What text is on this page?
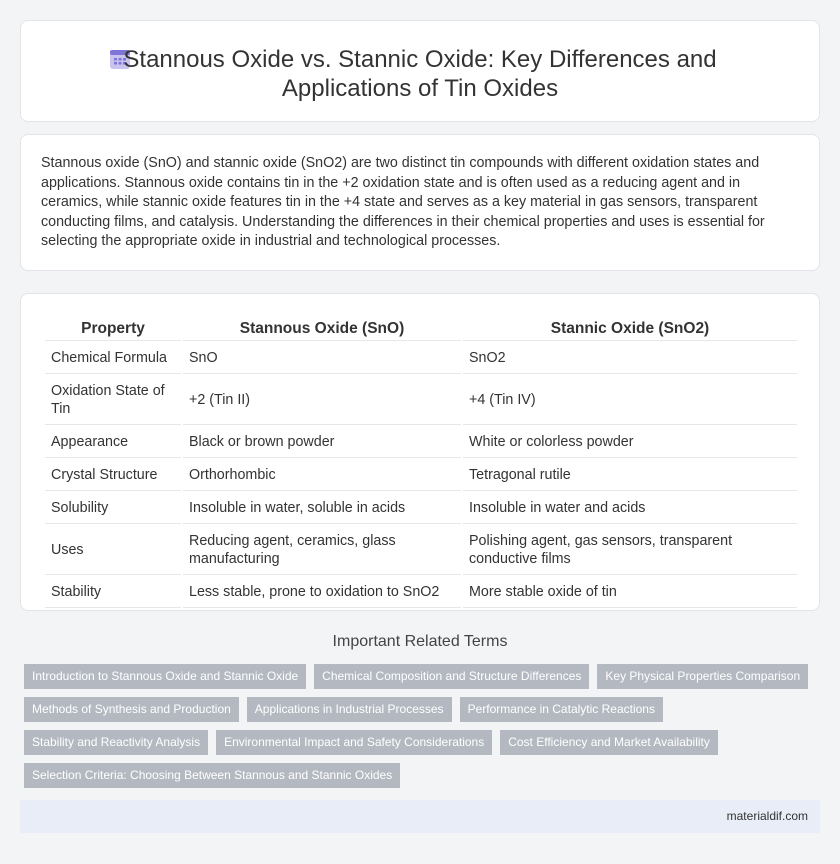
Stannous Oxide vs. Stannic Oxide: Key Differences and
Applications of Tin Oxides

Stannous oxide (SnO) and stannic oxide (SnO2) are two distinct tin compounds with different oxidation states and applications. Stannous oxide contains tin in the +2 oxidation state and is often used as a reducing agent and in ceramics, while stannic oxide features tin in the +4 state and serves as a key material in gas sensors, transparent conducting films, and catalysis. Understanding the differences in their chemical properties and uses is essential for selecting the appropriate oxide in industrial and technological processes.

Property	Stannous Oxide (SnO)	Stannic Oxide (SnO2)
Chemical Formula	SnO	SnO2
Oxidation State of Tin	+2 (Tin II)	+4 (Tin IV)
Appearance	Black or brown powder	White or colorless powder
Crystal Structure	Orthorhombic	Tetragonal rutile
Solubility	Insoluble in water, soluble in acids	Insoluble in water and acids
Uses	Reducing agent, ceramics, glass manufacturing	Polishing agent, gas sensors, transparent conductive films
Stability	Less stable, prone to oxidation to SnO2	More stable oxide of tin
Important Related Terms
Introduction to Stannous Oxide and Stannic Oxide	Chemical Composition and Structure Differences	Key Physical Properties Comparison
Methods of Synthesis and Production	Applications in Industrial Processes	Performance in Catalytic Reactions
Stability and Reactivity Analysis	Environmental Impact and Safety Considerations	Cost Efficiency and Market Availability
Selection Criteria: Choosing Between Stannous and Stannic Oxides
materialdif.com
